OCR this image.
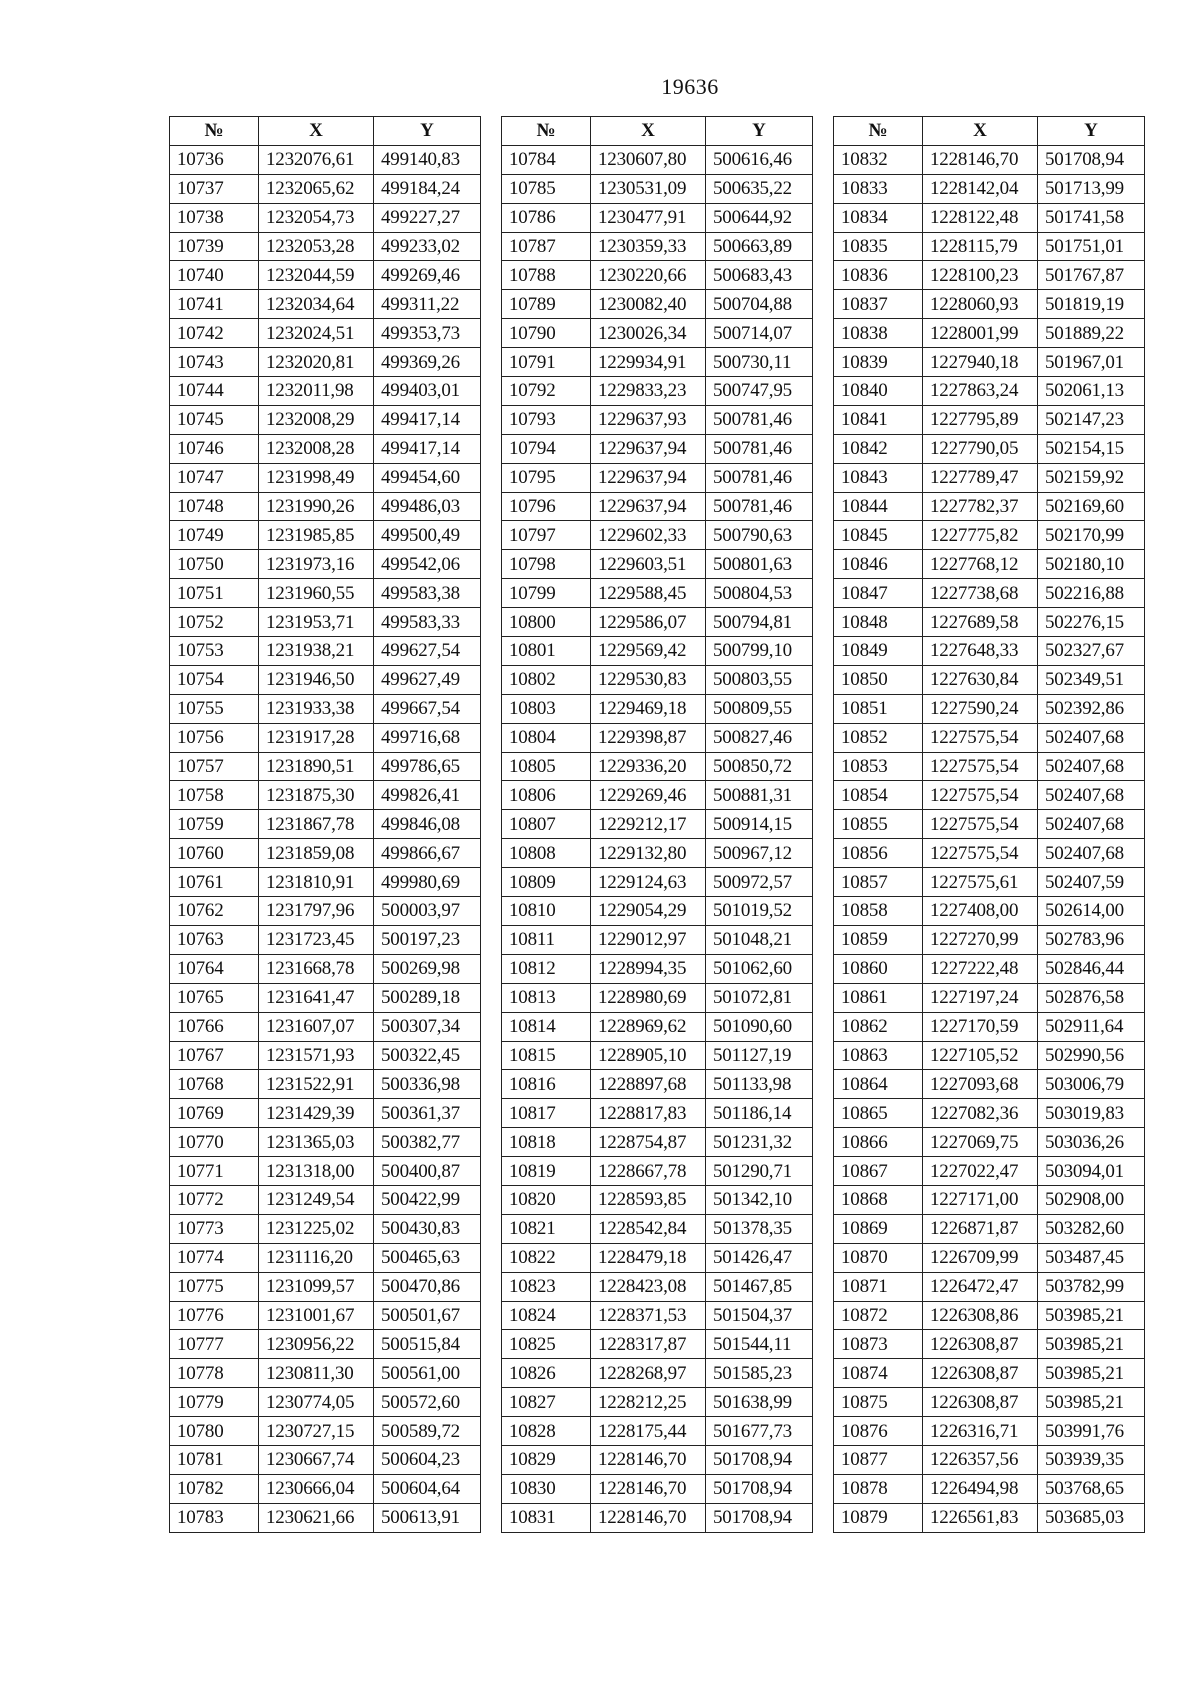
19636
№	X	Y
10736	1232076,61	499140,83
10737	1232065,62	499184,24
10738	1232054,73	499227,27
10739	1232053,28	499233,02
10740	1232044,59	499269,46
10741	1232034,64	499311,22
10742	1232024,51	499353,73
10743	1232020,81	499369,26
10744	1232011,98	499403,01
10745	1232008,29	499417,14
10746	1232008,28	499417,14
10747	1231998,49	499454,60
10748	1231990,26	499486,03
10749	1231985,85	499500,49
10750	1231973,16	499542,06
10751	1231960,55	499583,38
10752	1231953,71	499583,33
10753	1231938,21	499627,54
10754	1231946,50	499627,49
10755	1231933,38	499667,54
10756	1231917,28	499716,68
10757	1231890,51	499786,65
10758	1231875,30	499826,41
10759	1231867,78	499846,08
10760	1231859,08	499866,67
10761	1231810,91	499980,69
10762	1231797,96	500003,97
10763	1231723,45	500197,23
10764	1231668,78	500269,98
10765	1231641,47	500289,18
10766	1231607,07	500307,34
10767	1231571,93	500322,45
10768	1231522,91	500336,98
10769	1231429,39	500361,37
10770	1231365,03	500382,77
10771	1231318,00	500400,87
10772	1231249,54	500422,99
10773	1231225,02	500430,83
10774	1231116,20	500465,63
10775	1231099,57	500470,86
10776	1231001,67	500501,67
10777	1230956,22	500515,84
10778	1230811,30	500561,00
10779	1230774,05	500572,60
10780	1230727,15	500589,72
10781	1230667,74	500604,23
10782	1230666,04	500604,64
10783	1230621,66	500613,91
№	X	Y
10784	1230607,80	500616,46
10785	1230531,09	500635,22
10786	1230477,91	500644,92
10787	1230359,33	500663,89
10788	1230220,66	500683,43
10789	1230082,40	500704,88
10790	1230026,34	500714,07
10791	1229934,91	500730,11
10792	1229833,23	500747,95
10793	1229637,93	500781,46
10794	1229637,94	500781,46
10795	1229637,94	500781,46
10796	1229637,94	500781,46
10797	1229602,33	500790,63
10798	1229603,51	500801,63
10799	1229588,45	500804,53
10800	1229586,07	500794,81
10801	1229569,42	500799,10
10802	1229530,83	500803,55
10803	1229469,18	500809,55
10804	1229398,87	500827,46
10805	1229336,20	500850,72
10806	1229269,46	500881,31
10807	1229212,17	500914,15
10808	1229132,80	500967,12
10809	1229124,63	500972,57
10810	1229054,29	501019,52
10811	1229012,97	501048,21
10812	1228994,35	501062,60
10813	1228980,69	501072,81
10814	1228969,62	501090,60
10815	1228905,10	501127,19
10816	1228897,68	501133,98
10817	1228817,83	501186,14
10818	1228754,87	501231,32
10819	1228667,78	501290,71
10820	1228593,85	501342,10
10821	1228542,84	501378,35
10822	1228479,18	501426,47
10823	1228423,08	501467,85
10824	1228371,53	501504,37
10825	1228317,87	501544,11
10826	1228268,97	501585,23
10827	1228212,25	501638,99
10828	1228175,44	501677,73
10829	1228146,70	501708,94
10830	1228146,70	501708,94
10831	1228146,70	501708,94
№	X	Y
10832	1228146,70	501708,94
10833	1228142,04	501713,99
10834	1228122,48	501741,58
10835	1228115,79	501751,01
10836	1228100,23	501767,87
10837	1228060,93	501819,19
10838	1228001,99	501889,22
10839	1227940,18	501967,01
10840	1227863,24	502061,13
10841	1227795,89	502147,23
10842	1227790,05	502154,15
10843	1227789,47	502159,92
10844	1227782,37	502169,60
10845	1227775,82	502170,99
10846	1227768,12	502180,10
10847	1227738,68	502216,88
10848	1227689,58	502276,15
10849	1227648,33	502327,67
10850	1227630,84	502349,51
10851	1227590,24	502392,86
10852	1227575,54	502407,68
10853	1227575,54	502407,68
10854	1227575,54	502407,68
10855	1227575,54	502407,68
10856	1227575,54	502407,68
10857	1227575,61	502407,59
10858	1227408,00	502614,00
10859	1227270,99	502783,96
10860	1227222,48	502846,44
10861	1227197,24	502876,58
10862	1227170,59	502911,64
10863	1227105,52	502990,56
10864	1227093,68	503006,79
10865	1227082,36	503019,83
10866	1227069,75	503036,26
10867	1227022,47	503094,01
10868	1227171,00	502908,00
10869	1226871,87	503282,60
10870	1226709,99	503487,45
10871	1226472,47	503782,99
10872	1226308,86	503985,21
10873	1226308,87	503985,21
10874	1226308,87	503985,21
10875	1226308,87	503985,21
10876	1226316,71	503991,76
10877	1226357,56	503939,35
10878	1226494,98	503768,65
10879	1226561,83	503685,03
